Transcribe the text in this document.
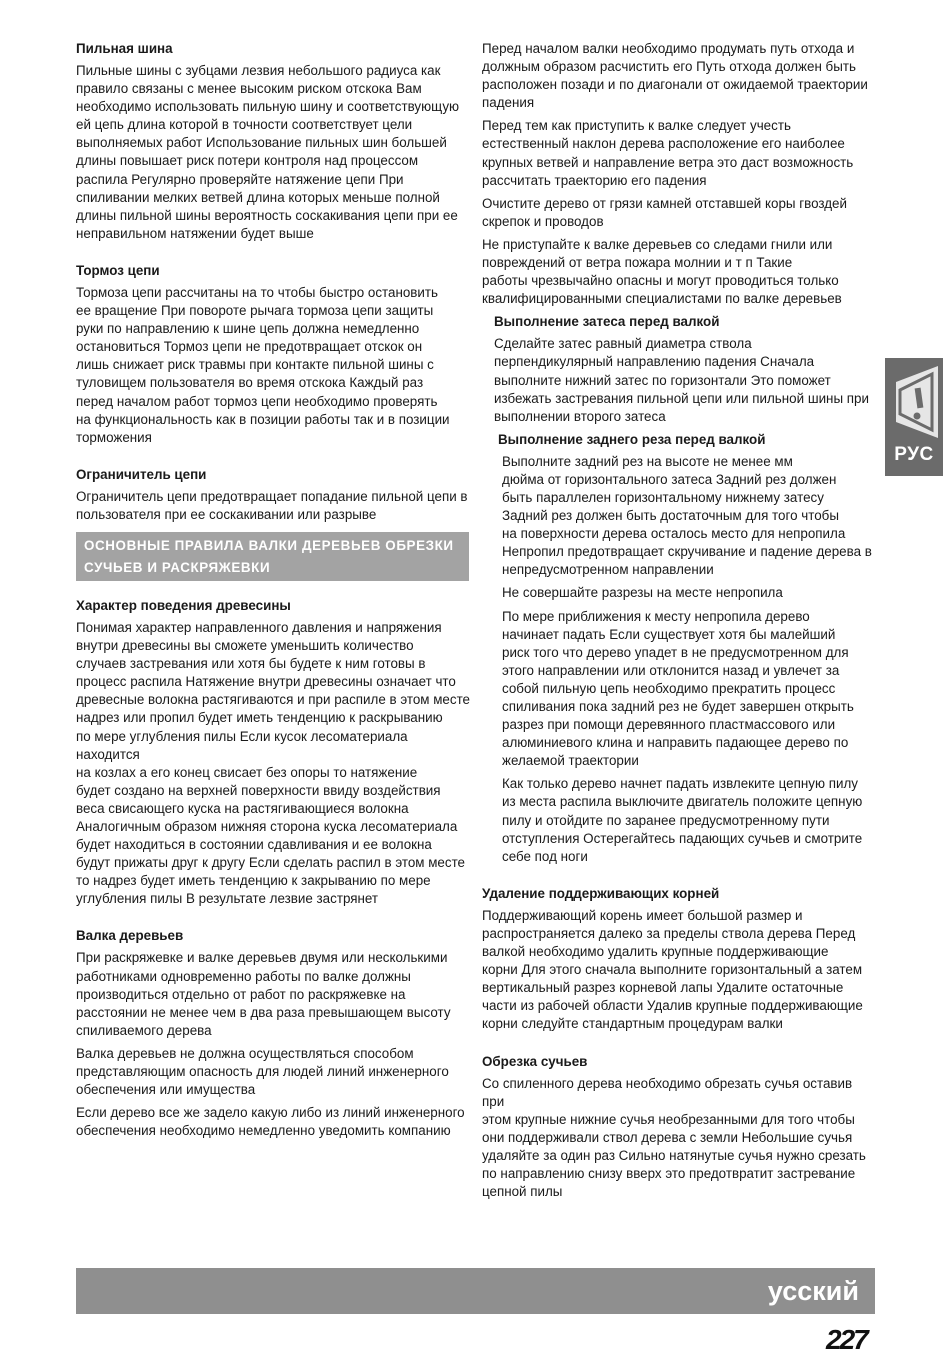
Пильная шина

Пильные шины с зубцами лезвия небольшого радиуса как
правило связаны с менее высоким риском отскока Вам
необходимо использовать пильную шину и соответствующую
ей цепь длина которой в точности соответствует цели
выполняемых работ Использование пильных шин большей
длины повышает риск потери контроля над процессом
распила Регулярно проверяйте натяжение цепи При
спиливании мелких ветвей длина которых меньше полной
длины пильной шины вероятность соскакивания цепи при ее
неправильном натяжении будет выше

Тормоз цепи

Тормоза цепи рассчитаны на то чтобы быстро остановить
ее вращение При повороте рычага тормоза цепи защиты
руки по направлению к шине цепь должна немедленно
остановиться Тормоз цепи не предотвращает отскок он
лишь снижает риск травмы при контакте пильной шины с
туловищем пользователя во время отскока Каждый раз
перед началом работ тормоз цепи необходимо проверять
на функциональность как в позиции работы так и в позиции
торможения

Ограничитель цепи

Ограничитель цепи предотвращает попадание пильной цепи в
пользователя при ее соскакивании или разрыве

ОСНОВНЫЕ ПРАВИЛА ВАЛКИ ДЕРЕВЬЕВ ОБРЕЗКИ
СУЧЬЕВ И РАСКРЯЖЕВКИ
Характер поведения древесины

Понимая характер направленного давления и напряжения
внутри древесины вы сможете уменьшить количество
случаев застревания или хотя бы будете к ним готовы в
процесс распила Натяжение внутри древесины означает что
древесные волокна растягиваются и при распиле в этом месте
надрез или пропил будет иметь тенденцию к раскрыванию
по мере углубления пилы Если кусок лесоматериала находится
на козлах а его конец свисает без опоры то натяжение
будет создано на верхней поверхности ввиду воздействия
веса свисающего куска на растягивающиеся волокна
Аналогичным образом нижняя сторона куска лесоматериала
будет находиться в состоянии сдавливания и ее волокна
будут прижаты друг к другу Если сделать распил в этом месте
то надрез будет иметь тенденцию к закрыванию по мере
углубления пилы В результате лезвие застрянет

Валка деревьев

При раскряжевке и валке деревьев двумя или несколькими
работниками одновременно работы по валке должны
производиться отдельно от работ по раскряжевке на
расстоянии не менее чем в два раза превышающем высоту
спиливаемого дерева

Валка деревьев не должна осуществляться способом
представляющим опасность для людей линий инженерного
обеспечения или имущества

Если дерево все же задело какую либо из линий инженерного
обеспечения необходимо немедленно уведомить компанию

Перед началом валки необходимо продумать путь отхода и
должным образом расчистить его Путь отхода должен быть
расположен позади и по диагонали от ожидаемой траектории
падения

Перед тем как приступить к валке следует учесть
естественный наклон дерева расположение его наиболее
крупных ветвей и направление ветра это даст возможность
рассчитать траекторию его падения

Очистите дерево от грязи камней отставшей коры гвоздей
скрепок и проводов

Не приступайте к валке деревьев со следами гнили или
повреждений от ветра пожара молнии и т п Такие
работы чрезвычайно опасны и могут проводиться только
квалифицированными специалистами по валке деревьев

Выполнение затеса перед валкой

Сделайте затес равный диаметра ствола
перпендикулярный направлению падения Сначала
выполните нижний затес по горизонтали Это поможет
избежать застревания пильной цепи или пильной шины при
выполнении второго затеса

Выполнение заднего реза перед валкой

Выполните задний рез на высоте не менее мм
дюйма от горизонтального затеса Задний рез должен
быть параллелен горизонтальному нижнему затесу
Задний рез должен быть достаточным для того чтобы
на поверхности дерева осталось место для непропила
Непропил предотвращает скручивание и падение дерева в
непредусмотренном направлении

Не совершайте разрезы на месте непропила

По мере приближения к месту непропила дерево
начинает падать Если существует хотя бы малейший
риск того что дерево упадет в не предусмотренном для
этого направлении или отклонится назад и увлечет за
собой пильную цепь необходимо прекратить процесс
спиливания пока задний рез не будет завершен открыть
разрез при помощи деревянного пластмассового или
алюминиевого клина и направить падающее дерево по
желаемой траектории

Как только дерево начнет падать извлеките цепную пилу
из места распила выключите двигатель положите цепную
пилу и отойдите по заранее предусмотренному пути
отступления Остерегайтесь падающих сучьев и смотрите
себе под ноги

Удаление поддерживающих корней

Поддерживающий корень имеет большой размер и
распространяется далеко за пределы ствола дерева Перед
валкой необходимо удалить крупные поддерживающие
корни Для этого сначала выполните горизонтальный а затем
вертикальный разрез корневой лапы Удалите остаточные
части из рабочей области Удалив крупные поддерживающие
корни следуйте стандартным процедурам валки

Обрезка сучьев

Со спиленного дерева необходимо обрезать сучья оставив при
этом крупные нижние сучья необрезанными для того чтобы
они поддерживали ствол дерева с земли Небольшие сучья
удаляйте за один раз Сильно натянутые сучья нужно срезать
по направлению снизу вверх это предотвратит застревание
цепной пилы

РУС
усский
227
